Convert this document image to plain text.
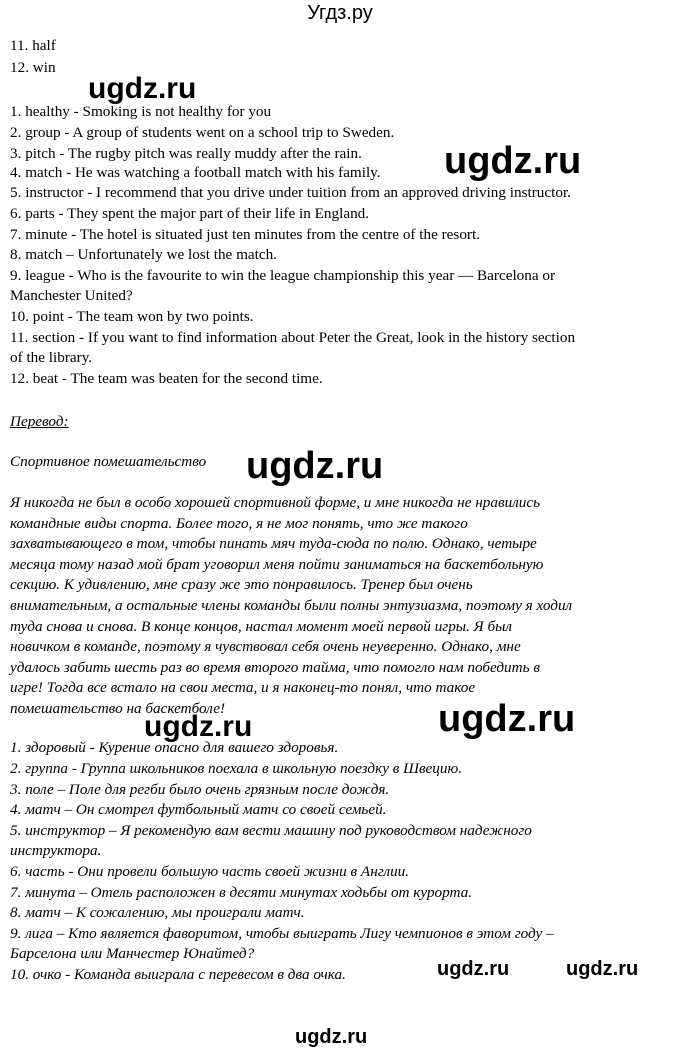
Угдз.ру
11. half
12. win
1. healthy - Smoking is not healthy for you
2. group - A group of students went on a school trip to Sweden.
3. pitch - The rugby pitch was really muddy after the rain.
4. match - He was watching a football match with his family.
5. instructor - I recommend that you drive under tuition from an approved driving instructor.
6. parts - They spent the major part of their life in England.
7. minute - The hotel is situated just ten minutes from the centre of the resort.
8. match – Unfortunately we lost the match.
9. league - Who is the favourite to win the league championship this year ― Barcelona or
Manchester United?
10. point - The team won by two points.
11. section - If you want to find information about Peter the Great, look in the history section
of the library.
12. beat - The team was beaten for the second time.
Перевод:
Спортивное помешательство
Я никогда не был в особо хорошей спортивной форме, и мне никогда не нравились
командные виды спорта. Более того, я не мог понять, что же такого
захватывающего в том, чтобы пинать мяч туда-сюда по полю. Однако, четыре
месяца тому назад мой брат уговорил меня пойти заниматься на баскетбольную
секцию. К удивлению, мне сразу же это понравилось. Тренер был очень
внимательным, а остальные члены команды были полны энтузиазма, поэтому я ходил
туда снова и снова. В конце концов, настал момент моей первой игры. Я был
новичком в команде, поэтому я чувствовал себя очень неуверенно. Однако, мне
удалось забить шесть раз во время второго тайма, что помогло нам победить в
игре! Тогда все встало на свои места, и я наконец-то понял, что такое
помешательство на баскетболе!
1. здоровый - Курение опасно для вашего здоровья.
2. группа - Группа школьников поехала в школьную поездку в Швецию.
3. поле – Поле для регби было очень грязным после дождя.
4. матч – Он смотрел футбольный матч со своей семьей.
5. инструктор – Я рекомендую вам вести машину под руководством надежного
инструктора.
6. часть - Они провели большую часть своей жизни в Англии.
7. минута – Отель расположен в десяти минутах ходьбы от курорта.
8. матч – К сожалению, мы проиграли матч.
9. лига – Кто является фаворитом, чтобы выиграть Лигу чемпионов в этом году –
Барселона или Манчестер Юнайтед?
10. очко - Команда выиграла с перевесом в два очка.
ugdz.ru
ugdz.ru
ugdz.ru
ugdz.ru	ugdz.ru
ugdz.ru	ugdz.ru
ugdz.ru
